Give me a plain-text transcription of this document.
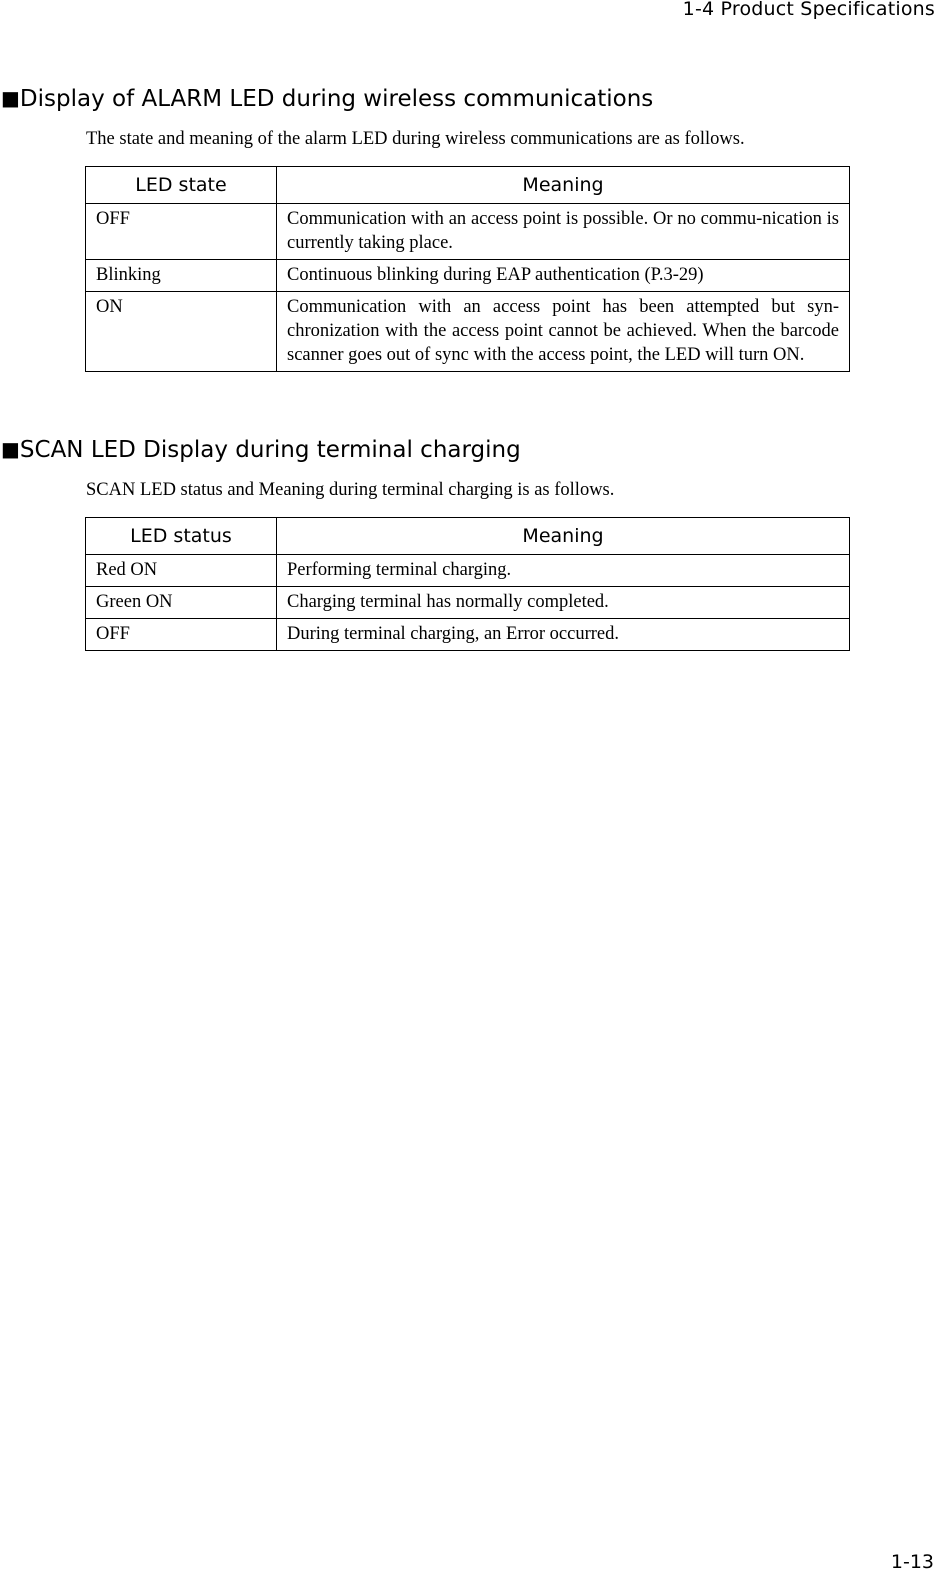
1-4 Product Specifications
■Display of ALARM LED during wireless communications

The state and meaning of the alarm LED during wireless communications are as follows.

LED state	Meaning
OFF	Communication with an access point is possible. Or no commu-nication is currently taking place.
Blinking	Continuous blinking during EAP authentication (P.3-29)
ON	Communication with an access point has been attempted but syn-chronization with the access point cannot be achieved. When the barcode scanner goes out of sync with the access point, the LED will turn ON.
■SCAN LED Display during terminal charging

SCAN LED status and Meaning during terminal charging is as follows.

LED status	Meaning
Red ON	Performing terminal charging.
Green ON	Charging terminal has normally completed.
OFF	During terminal charging, an Error occurred.
1-13
